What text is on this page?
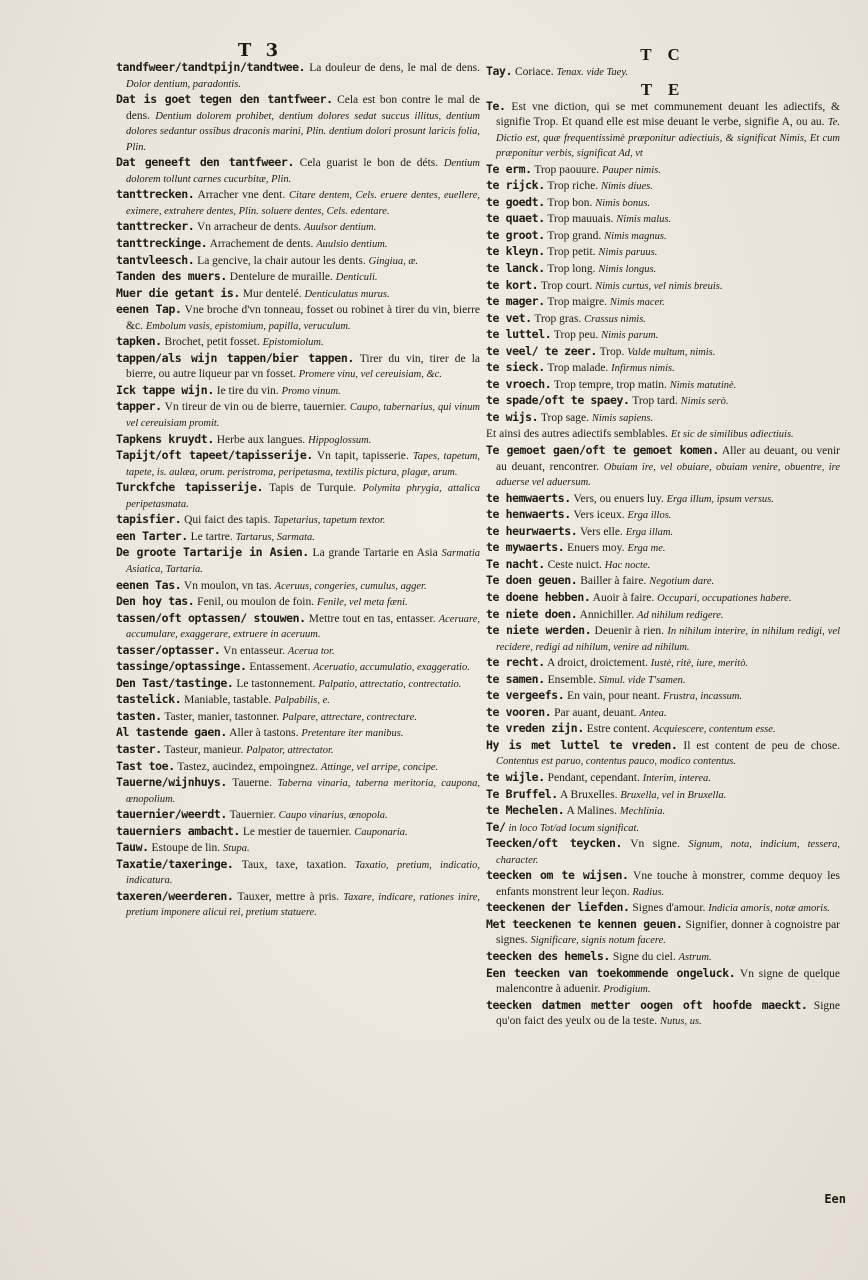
T 3

tandfweer/tandtpijn/tandtwee. La douleur de dens, le mal de dens. Dolor dentium, paradontis.

Dat is goet tegen den tantfweer. Cela est bon contre le mal de dens. Dentium dolorem prohibet, dentium dolores sedat succus illitus, dentium dolores sedantur ossibus draconis marini, Plin. dentium dolori prosunt laricis folia, Plin.

Dat geneeft den tantfweer. Cela guarist le bon de déts. Dentium dolorem tollunt carnes cucurbitæ, Plin.

tanttrecken. Arracher vne dent. Citare dentem, Cels. eruere dentes, euellere, eximere, extrahere dentes, Plin. soluere dentes, Cels. edentare.

tanttrecker. Vn arracheur de dents. Auulsor dentium.

tanttreckinge. Arrachement de dents. Auulsio dentium.

tantvleesch. La gencive, la chair autour les dents. Gingiua, æ.

Tanden des muers. Dentelure de muraille. Denticuli.

Muer die getant is. Mur dentelé. Denticulatus murus.

eenen Tap. Vne broche d'vn tonneau, fosset ou robinet à tirer du vin, bierre &c. Embolum vasis, epistomium, papilla, veruculum.

tapken. Brochet, petit fosset. Epistomiolum.

tappen/als wijn tappen/bier tappen. Tirer du vin, tirer de la bierre, ou autre liqueur par vn fosset. Promere vinu, vel cereuisiam, &c.

Ick tappe wijn. Ie tire du vin. Promo vinum.

tapper. Vn tireur de vin ou de bierre, tauernier. Caupo, tabernarius, qui vinum vel cereuisiam promit.

Tapkens kruydt. Herbe aux langues. Hippoglossum.

Tapijt/oft tapeet/tapisserije. Vn tapit, tapisserie. Tapes, tapetum, tapete, is. aulæa, orum. peristroma, peripetasma, textilis pictura, plagæ, arum.

Turckfche tapisserije. Tapis de Turquie. Polymita phrygia, attalica peripetasmata.

tapisfier. Qui faict des tapis. Tapetarius, tapetum textor.

een Tarter. Le tartre. Tartarus, Sarmata.

De groote Tartarije in Asien. La grande Tartarie en Asia Sarmatia Asiatica, Tartaria.

eenen Tas. Vn moulon, vn tas. Aceruus, congeries, cumulus, agger.

Den hoy tas. Fenil, ou moulon de foin. Fenile, vel meta fæni.

tassen/oft optassen/ stouwen. Mettre tout en tas, entasser. Aceruare, accumulare, exaggerare, extruere in aceruum.

tasser/optasser. Vn entasseur. Acerua tor.

tassinge/optassinge. Entassement. Aceruatio, accumulatio, exaggeratio.

Den Tast/tastinge. Le tastonnement. Palpatio, attrectatio, contrectatio.

tastelick. Maniable, tastable. Palpabilis, e.

tasten. Taster, manier, tastonner. Palpare, attrectare, contrectare.

Al tastende gaen. Aller à tastons. Pretentare iter manibus.

taster. Tasteur, manieur. Palpator, attrectator.

Tast toe. Tastez, aucindez, empoingnez. Attinge, vel arripe, concipe.

Tauerne/wijnhuys. Tauerne. Taberna vinaria, taberna meritoria, caupona, œnopolium.

tauernier/weerdt. Tauernier. Caupo vinarius, œnopola.

tauerniers ambacht. Le mestier de tauernier. Cauponaria.

Tauw. Estoupe de lin. Stupa.

Taxatie/taxeringe. Taux, taxe, taxation. Taxatio, pretium, indicatio, indicatura.

taxeren/weerderen. Tauxer, mettre à pris. Taxare, indicare, rationes inire, pretium imponere alicui rei, pretium statuere.

T C

Tay. Coriace. Tenax. vide Taey.

T E

Te. Est vne diction, qui se met communement deuant les adiectifs, & signifie Trop. Et quand elle est mise deuant le verbe, signifie A, ou au. Te. Dictio est, quæ frequentissimè præponitur adiectiuis, & significat Nimis, Et cum præponitur verbis, significat Ad, vt

Te erm. Trop paouure. Pauper nimis.

te rijck. Trop riche. Nimis diues.

te goedt. Trop bon. Nimis bonus.

te quaet. Trop mauuais. Nimis malus.

te groot. Trop grand. Nimis magnus.

te kleyn. Trop petit. Nimis paruus.

te lanck. Trop long. Nimis longus.

te kort. Trop court. Nimis curtus, vel nimis breuis.

te mager. Trop maigre. Nimis macer.

te vet. Trop gras. Crassus nimis.

te luttel. Trop peu. Nimis parum.

te veel/ te zeer. Trop. Valde multum, nimis.

te sieck. Trop malade. Infirmus nimis.

te vroech. Trop tempre, trop matin. Nimis matutinè.

te spade/oft te spaey. Trop tard. Nimis serò.

te wijs. Trop sage. Nimis sapiens.

Et ainsi des autres adiectifs semblables. Et sic de similibus adiectiuis.

Te gemoet gaen/oft te gemoet komen. Aller au deuant, ou venir au deuant, rencontrer. Obuiam ire, vel obuiare, obuiam venire, obuentre, ire aduerse vel aduersum.

te hemwaerts. Vers, ou enuers luy. Erga illum, ipsum versus.

te henwaerts. Vers iceux. Erga illos.

te heurwaerts. Vers elle. Erga illam.

te mywaerts. Enuers moy. Erga me.

Te nacht. Ceste nuict. Hac nocte.

Te doen geuen. Bailler à faire. Negotium dare.

te doene hebben. Auoir à faire. Occupari, occupationes habere.

te niete doen. Annichiller. Ad nihilum redigere.

te niete werden. Deuenir à rien. In nihilum interire, in nihilum redigi, vel recidere, redigi ad nihilum, venire ad nihilum.

te recht. A droict, droictement. Iustè, ritè, iure, meritò.

te samen. Ensemble. Simul. vide T'samen.

te vergeefs. En vain, pour neant. Frustra, incassum.

te vooren. Par auant, deuant. Antea.

te vreden zijn. Estre content. Acquiescere, contentum esse.

Hy is met luttel te vreden. Il est content de peu de chose. Contentus est paruo, contentus pauco, modico contentus.

te wijle. Pendant, cependant. Interim, interea.

Te Bruffel. A Bruxelles. Bruxella, vel in Bruxella.

te Mechelen. A Malines. Mechlinia.

Te/ in loco Tot/ad locum significat.

Teecken/oft teycken. Vn signe. Signum, nota, indicium, tessera, character.

teecken om te wijsen. Vne touche à monstrer, comme dequoy les enfants monstrent leur leçon. Radius.

teeckenen der liefden. Signes d'amour. Indicia amoris, notæ amoris.

Met teeckenen te kennen geuen. Signifier, donner à cognoistre par signes. Significare, signis notum facere.

teecken des hemels. Signe du ciel. Astrum.

Een teecken van toekommende ongeluck. Vn signe de quelque malencontre à aduenir. Prodigium.

teecken datmen metter oogen oft hoofde maeckt. Signe qu'on faict des yeulx ou de la teste. Nutus, us.

Een
